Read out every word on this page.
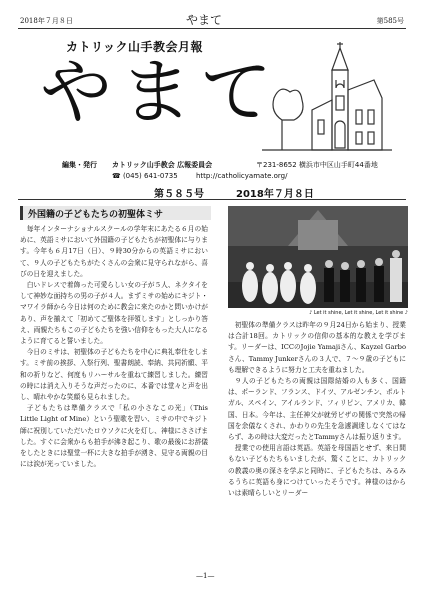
2018年７月８日	やまて	第585号
カトリック山手教会月報
やまて
編集・発行 カトリック山手教会 広報委員会	〒231-8652 横浜市中区山手町44番地
☎ (045) 641-0735	http://catholicyamate.org/
第５８５号	2018年７月８日
外国籍の子どもたちの初聖体ミサ

毎年インターナショナルスクールの学年末にあたる６月の始めに、英語ミサにおいて外国籍の子どもたちが初聖体に与ります。今年も６月17日（日）、９時30分からの英語ミサにおいて、９人の子どもたちがたくさんの会衆に見守られながら、喜びの日を迎えました。

白いドレスで着飾った可愛らしい女の子が５人、ネクタイをして神妙な面持ちの男の子が４人。まずミサの始めにキジト・マワイラ師から今日は何のために教会に来たのかと問いかけがあり、声を揃えて「初めてご聖体を拝領します」としっかり答え、両親たちもこの子どもたちを強い信仰をもった大人になるように育てると誓いました。

今日のミサは、初聖体の子どもたちを中心に典礼奉仕をします。ミサ前の挨拶、入祭行列、聖書朗読、奉納、共同祈願、平和の祈りなど、何度もリハーサルを重ねて練習しました。練習の時には消え入りそうな声だったのに、本番では堂々と声を出し、晴れやかな笑顔も見られました。

子どもたちは準備クラスで「私の小さなこの光」（This Little Light of Mine）という聖歌を習い、ミサの中でキジト師に祝別していただいたロウソクに火を灯し、神様にささげました。すぐに会衆からも拍手が沸き起こり、歌の最後にお辞儀をしたときには聖堂一杯に大きな拍手が湧き、見守る両親の目には涙が光っていました。

♪ Let it shine, Let it shine, Let it shine ♪

初聖体の準備クラスは昨年の９月24日から始まり、授業は合計18回。カトリックの信仰の基本的な教えを学びます。リーダーは、ICCのJojie Yamajiさん、Kayzel Garboさん、Tammy Junkerさんの３人で、７～９歳の子どもにも理解できるように努力と工夫を重ねました。

９人の子どもたちの両親は国際結婚の人も多く、国籍は、ポーランド、フランス、ドイツ、アルゼンチン、ポルトガル、スペイン、アイルランド、フィリピン、アメリカ、韓国、日本。今年は、主任神父が就労ビザの関係で突然の帰国を余儀なくされ、かわりの先生を急遽調達しなくてはならず、あの時は大変だったとTammyさんは振り返ります。

授業での使用言語は英語。英語を母国語とせず、来日間もない子どもたちもいましたが、驚くことに、カトリックの教義の奥の深さを学ぶと同時に、子どもたちは、みるみるうちに英語も身につけていったそうです。神様のはからいは素晴らしいとリーダー

—1—
